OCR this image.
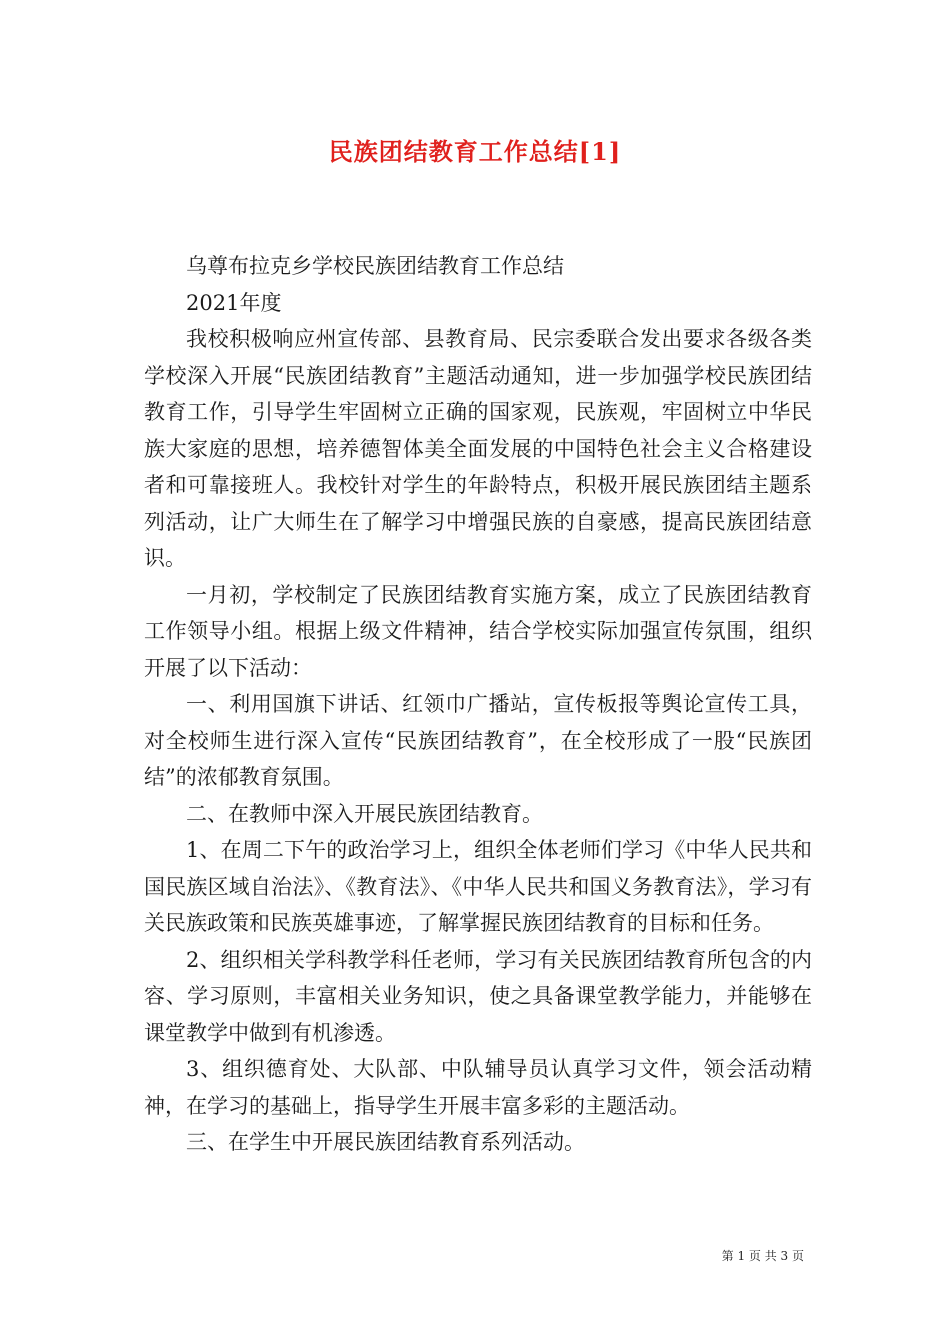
民族团结教育工作总结[1]

乌尊布拉克乡学校民族团结教育工作总结

2021年度

我校积极响应州宣传部、县教育局、民宗委联合发出要求各级各类学校深入开展“民族团结教育”主题活动通知，进一步加强学校民族团结教育工作，引导学生牢固树立正确的国家观，民族观，牢固树立中华民族大家庭的思想，培养德智体美全面发展的中国特色社会主义合格建设者和可靠接班人。我校针对学生的年龄特点，积极开展民族团结主题系列活动，让广大师生在了解学习中增强民族的自豪感，提高民族团结意识。

一月初，学校制定了民族团结教育实施方案，成立了民族团结教育工作领导小组。根据上级文件精神，结合学校实际加强宣传氛围，组织开展了以下活动：

一、利用国旗下讲话、红领巾广播站，宣传板报等舆论宣传工具，对全校师生进行深入宣传“民族团结教育”，在全校形成了一股“民族团结”的浓郁教育氛围。

二、在教师中深入开展民族团结教育。

1、在周二下午的政治学习上，组织全体老师们学习《中华人民共和国民族区域自治法》、《教育法》、《中华人民共和国义务教育法》，学习有关民族政策和民族英雄事迹，了解掌握民族团结教育的目标和任务。

2、组织相关学科教学科任老师，学习有关民族团结教育所包含的内容、学习原则，丰富相关业务知识，使之具备课堂教学能力，并能够在课堂教学中做到有机渗透。

3、组织德育处、大队部、中队辅导员认真学习文件，领会活动精神，在学习的基础上，指导学生开展丰富多彩的主题活动。

三、在学生中开展民族团结教育系列活动。

第 1 页 共 3 页
